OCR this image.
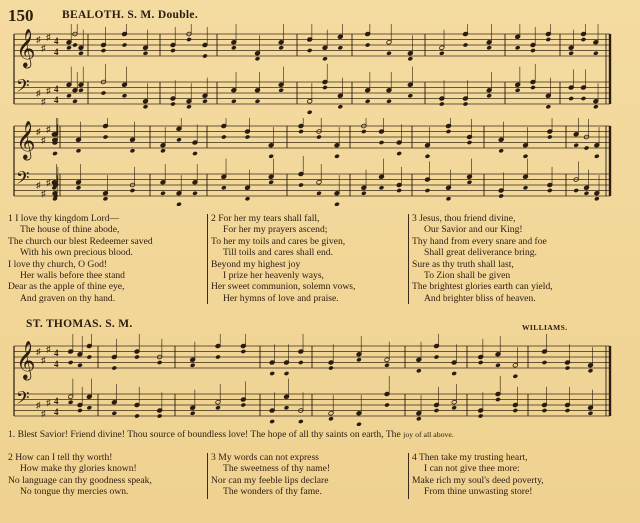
150 BEALOTH. S. M. Double.
𝄞
𝄢
♯
♯
♯
♯
♯
♯
4
4
4
4
𝄞
𝄢
♯
♯
♯
♯
♯
♯
1 I love thy kingdom Lord—
The house of thine abode,
The church our blest Redeemer saved
With his own precious blood.
I love thy church, O God!
Her walls before thee stand
Dear as the apple of thine eye,
And graven on thy hand.
2 For her my tears shall fall,
For her my prayers ascend;
To her my toils and cares be given,
Till toils and cares shall end.
Beyond my highest joy
I prize her heavenly ways,
Her sweet communion, solemn vows,
Her hymns of love and praise.
3 Jesus, thou friend divine,
Our Savior and our King!
Thy hand from every snare and foe
Shall great deliverance bring.
Sure as thy truth shall last,
To Zion shall be given
The brightest glories earth can yield,
And brighter bliss of heaven.
ST. THOMAS. S. M.	WILLIAMS.
𝄞
𝄢
♯
♯
♯
♯
♯
♯
4
4
4
4
1. Blest Savior! Friend divine! Thou source of boundless love! The hope of all thy saints on earth, The joy of all above.
2 How can I tell thy worth!
How make thy glories known!
No language can thy goodness speak,
No tongue thy mercies own.
3 My words can not express
The sweetness of thy name!
Nor can my feeble lips declare
The wonders of thy fame.
4 Then take my trusting heart,
I can not give thee more:
Make rich my soul's deed poverty,
From thine unwasting store!
